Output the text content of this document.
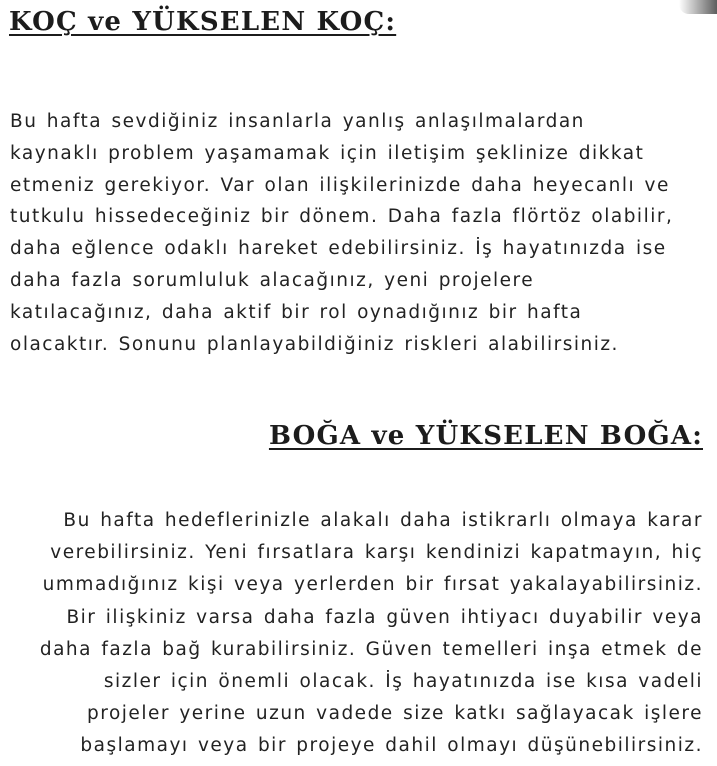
KOÇ ve YÜKSELEN KOÇ:
Bu hafta sevdiğiniz insanlarla yanlış anlaşılmalardan
kaynaklı problem yaşamamak için iletişim şeklinize dikkat
etmeniz gerekiyor. Var olan ilişkilerinizde daha heyecanlı ve
tutkulu hissedeceğiniz bir dönem. Daha fazla flörtöz olabilir,
daha eğlence odaklı hareket edebilirsiniz. İş hayatınızda ise
daha fazla sorumluluk alacağınız, yeni projelere
katılacağınız, daha aktif bir rol oynadığınız bir hafta
olacaktır. Sonunu planlayabildiğiniz riskleri alabilirsiniz.
BOĞA ve YÜKSELEN BOĞA:
Bu hafta hedeflerinizle alakalı daha istikrarlı olmaya karar
verebilirsiniz. Yeni fırsatlara karşı kendinizi kapatmayın, hiç
ummadığınız kişi veya yerlerden bir fırsat yakalayabilirsiniz.
Bir ilişkiniz varsa daha fazla güven ihtiyacı duyabilir veya
daha fazla bağ kurabilirsiniz. Güven temelleri inşa etmek de
sizler için önemli olacak. İş hayatınızda ise kısa vadeli
projeler yerine uzun vadede size katkı sağlayacak işlere
başlamayı veya bir projeye dahil olmayı düşünebilirsiniz.
